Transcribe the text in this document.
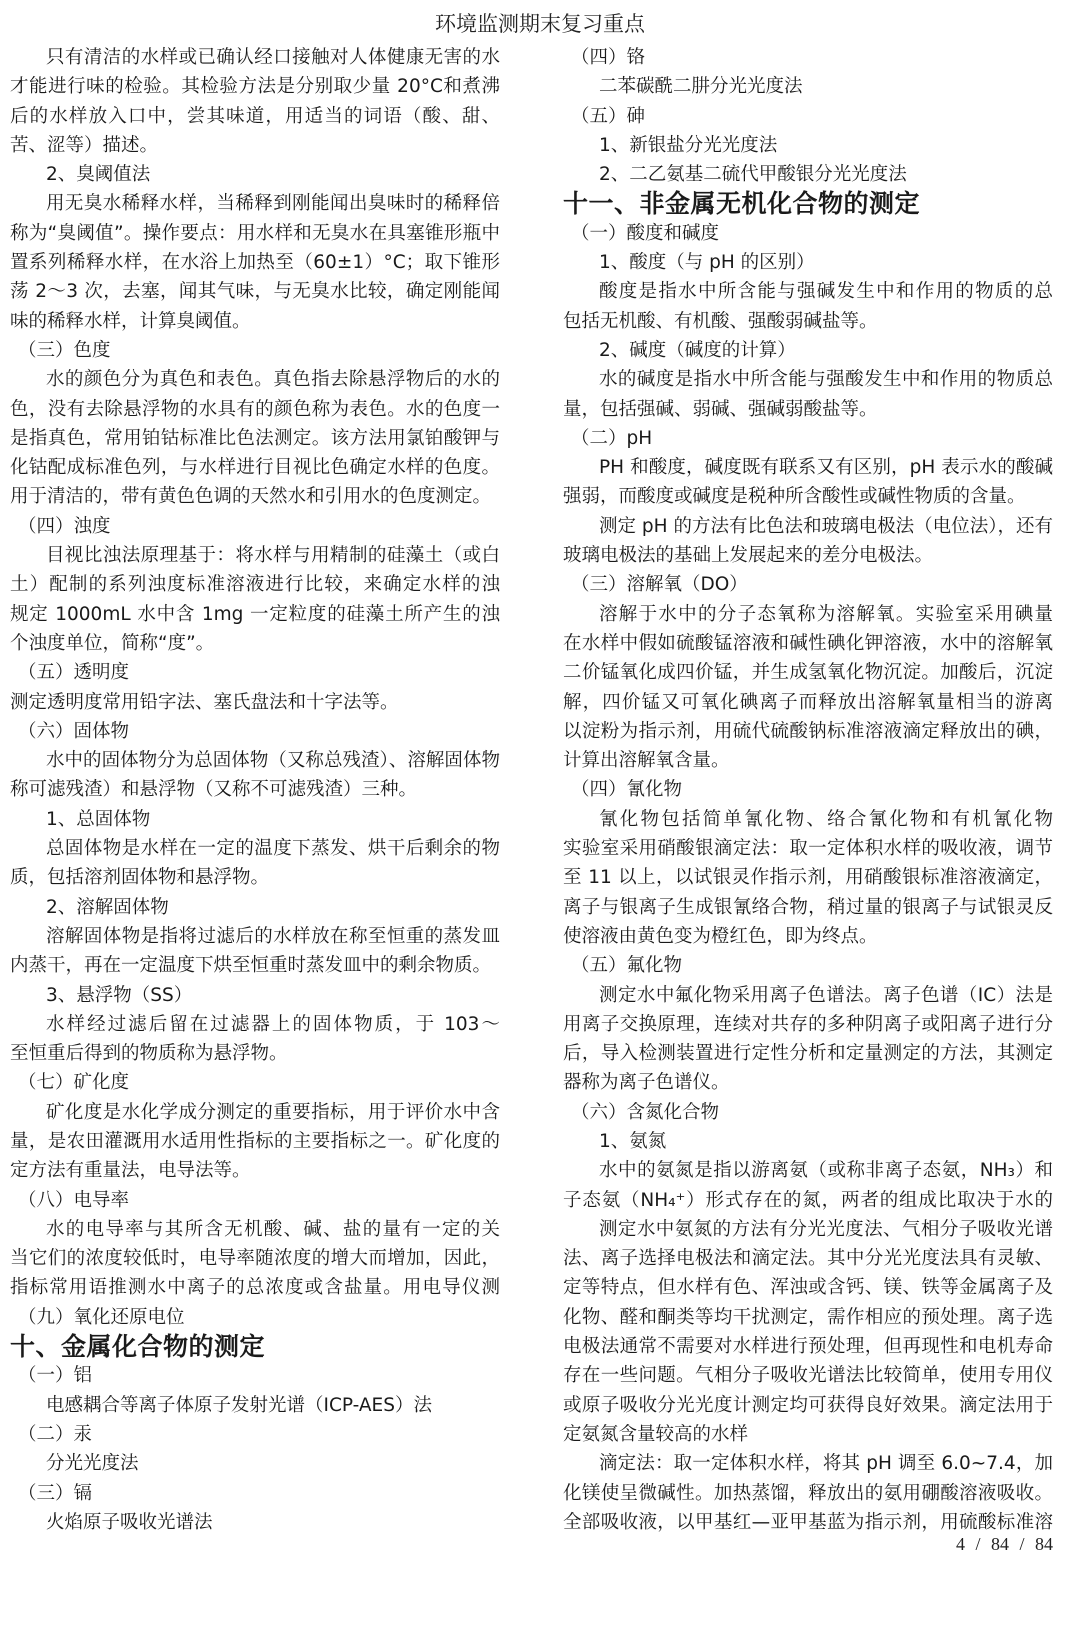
环境监测期末复习重点
只有清洁的水样或已确认经口接触对人体健康无害的水
才能进行味的检验。其检验方法是分别取少量 20°C和煮沸
后的水样放入口中，尝其味道，用适当的词语（酸、甜、
苦、涩等）描述。
2、臭阈值法
用无臭水稀释水样，当稀释到刚能闻出臭味时的稀释倍
称为“臭阈值”。操作要点：用水样和无臭水在具塞锥形瓶中
置系列稀释水样，在水浴上加热至（60±1）°C；取下锥形
荡 2～3 次，去塞，闻其气味，与无臭水比较，确定刚能闻
味的稀释水样，计算臭阈值。
（三）色度
水的颜色分为真色和表色。真色指去除悬浮物后的水的
色，没有去除悬浮物的水具有的颜色称为表色。水的色度一
是指真色，常用铂钴标准比色法测定。该方法用氯铂酸钾与
化钴配成标准色列，与水样进行目视比色确定水样的色度。
用于清洁的，带有黄色色调的天然水和引用水的色度测定。
（四）浊度
目视比浊法原理基于：将水样与用精制的硅藻土（或白
土）配制的系列浊度标准溶液进行比较，来确定水样的浊
规定 1000mL 水中含 1mg 一定粒度的硅藻土所产生的浊
个浊度单位，简称“度”。
（五）透明度
测定透明度常用铅字法、塞氏盘法和十字法等。
（六）固体物
水中的固体物分为总固体物（又称总残渣）、溶解固体物
称可滤残渣）和悬浮物（又称不可滤残渣）三种。
1、总固体物
总固体物是水样在一定的温度下蒸发、烘干后剩余的物
质，包括溶剂固体物和悬浮物。
2、溶解固体物
溶解固体物是指将过滤后的水样放在称至恒重的蒸发皿
内蒸干，再在一定温度下烘至恒重时蒸发皿中的剩余物质。
3、悬浮物（SS）
水样经过滤后留在过滤器上的固体物质，于 103～
至恒重后得到的物质称为悬浮物。
（七）矿化度
矿化度是水化学成分测定的重要指标，用于评价水中含
量，是农田灌溉用水适用性指标的主要指标之一。矿化度的
定方法有重量法，电导法等。
（八）电导率
水的电导率与其所含无机酸、碱、盐的量有一定的关
当它们的浓度较低时，电导率随浓度的增大而增加，因此，
指标常用语推测水中离子的总浓度或含盐量。用电导仪测
（九）氧化还原电位
十、金属化合物的测定
（一）铝
电感耦合等离子体原子发射光谱（ICP-AES）法
（二）汞
分光光度法
（三）镉
火焰原子吸收光谱法
（四）铬
二苯碳酰二肼分光光度法
（五）砷
1、新银盐分光光度法
2、二乙氨基二硫代甲酸银分光光度法
十一、非金属无机化合物的测定
（一）酸度和碱度
1、酸度（与 pH 的区别）
酸度是指水中所含能与强碱发生中和作用的物质的总
包括无机酸、有机酸、强酸弱碱盐等。
2、碱度（碱度的计算）
水的碱度是指水中所含能与强酸发生中和作用的物质总
量，包括强碱、弱碱、强碱弱酸盐等。
（二）pH
PH 和酸度，碱度既有联系又有区别，pH 表示水的酸碱
强弱，而酸度或碱度是税种所含酸性或碱性物质的含量。
测定 pH 的方法有比色法和玻璃电极法（电位法），还有
玻璃电极法的基础上发展起来的差分电极法。
（三）溶解氧（DO）
溶解于水中的分子态氧称为溶解氧。实验室采用碘量
在水样中假如硫酸锰溶液和碱性碘化钾溶液，水中的溶解氧
二价锰氧化成四价锰，并生成氢氧化物沉淀。加酸后，沉淀
解，四价锰又可氧化碘离子而释放出溶解氧量相当的游离
以淀粉为指示剂，用硫代硫酸钠标准溶液滴定释放出的碘，
计算出溶解氧含量。
（四）氰化物
氰化物包括简单氰化物、络合氰化物和有机氰化物
实验室采用硝酸银滴定法：取一定体积水样的吸收液，调节
至 11 以上，以试银灵作指示剂，用硝酸银标准溶液滴定，
离子与银离子生成银氰络合物，稍过量的银离子与试银灵反
使溶液由黄色变为橙红色，即为终点。
（五）氟化物
测定水中氟化物采用离子色谱法。离子色谱（IC）法是
用离子交换原理，连续对共存的多种阴离子或阳离子进行分
后，导入检测装置进行定性分析和定量测定的方法，其测定
器称为离子色谱仪。
（六）含氮化合物
1、氨氮
水中的氨氮是指以游离氨（或称非离子态氨，NH₃）和
子态氨（NH₄⁺）形式存在的氮，两者的组成比取决于水的
测定水中氨氮的方法有分光光度法、气相分子吸收光谱
法、离子选择电极法和滴定法。其中分光光度法具有灵敏、
定等特点，但水样有色、浑浊或含钙、镁、铁等金属离子及
化物、醛和酮类等均干扰测定，需作相应的预处理。离子选
电极法通常不需要对水样进行预处理，但再现性和电机寿命
存在一些问题。气相分子吸收光谱法比较简单，使用专用仪
或原子吸收分光光度计测定均可获得良好效果。滴定法用于
定氨氮含量较高的水样
滴定法：取一定体积水样，将其 pH 调至 6.0~7.4，加
化镁使呈微碱性。加热蒸馏，释放出的氨用硼酸溶液吸收。
全部吸收液，以甲基红—亚甲基蓝为指示剂，用硫酸标准溶
4 / 84 / 84
